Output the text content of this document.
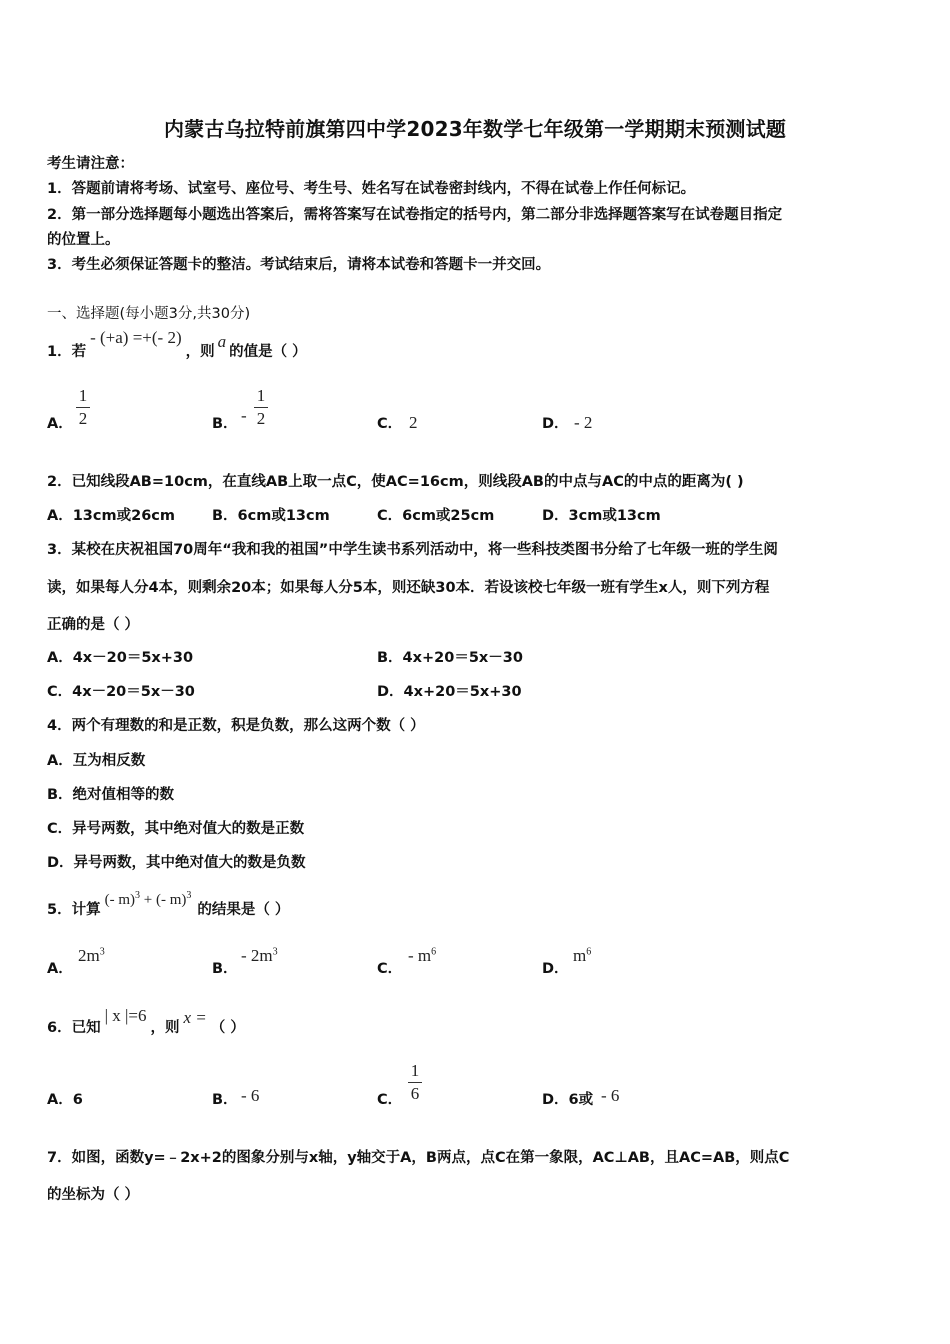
内蒙古乌拉特前旗第四中学2023年数学七年级第一学期期末预测试题
考生请注意：
1．答题前请将考场、试室号、座位号、考生号、姓名写在试卷密封线内，不得在试卷上作任何标记。
2．第一部分选择题每小题选出答案后，需将答案写在试卷指定的括号内，第二部分非选择题答案写在试卷题目指定
的位置上。
3．考生必须保证答题卡的整洁。考试结束后，请将本试卷和答题卡一并交回。
一、选择题(每小题3分,共30分)
1．若- (+a) =+(- 2)，则a的值是（ ）
A．
1
2	B． -
1
2	C． 2	D． - 2
2．已知线段AB=10cm，在直线AB上取一点C，使AC=16cm，则线段AB的中点与AC的中点的距离为( )
A．13cm或26cm	B．6cm或13cm	C．6cm或25cm	D．3cm或13cm
3．某校在庆祝祖国70周年“我和我的祖国”中学生读书系列活动中，将一些科技类图书分给了七年级一班的学生阅
读，如果每人分4本，则剩余20本；如果每人分5本，则还缺30本．若设该校七年级一班有学生x人，则下列方程
正确的是（ ）
A．4x－20＝5x+30	B．4x+20＝5x－30
C．4x－20＝5x－30	D．4x+20＝5x+30
4．两个有理数的和是正数，积是负数，那么这两个数（ ）
A．互为相反数
B．绝对值相等的数
C．异号两数，其中绝对值大的数是正数
D．异号两数，其中绝对值大的数是负数
5．计算(- m)$^3$ + (- m)$^3$的结果是（ ）
A．
$2m^3$
B．
- $2m^3$
C．
- $m^6$
D．
$m^6$
6．已知| x |=6，则x =（ ）
A．6	B． - 6	C．
1
6	D．6或 - 6
7．如图，函数y=﹣2x+2的图象分别与x轴，y轴交于A，B两点，点C在第一象限，AC⊥AB，且AC=AB，则点C
的坐标为（ ）
